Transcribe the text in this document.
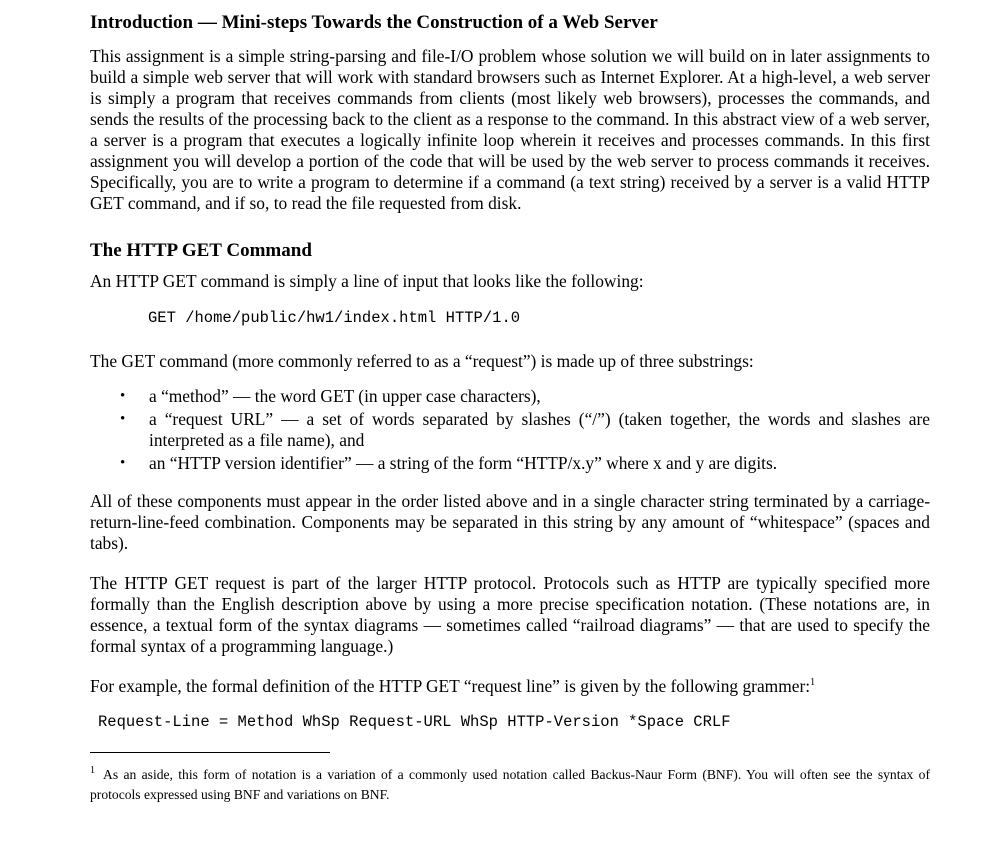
Introduction — Mini-steps Towards the Construction of a Web Server

This assignment is a simple string-parsing and file-I/O problem whose solution we will build on in later assignments to build a simple web server that will work with standard browsers such as Internet Explorer. At a high-level, a web server is simply a program that receives commands from clients (most likely web browsers), processes the commands, and sends the results of the processing back to the client as a response to the command. In this abstract view of a web server, a server is a program that executes a logically infinite loop wherein it receives and processes commands. In this first assignment you will develop a portion of the code that will be used by the web server to process commands it receives. Specifically, you are to write a program to determine if a command (a text string) received by a server is a valid HTTP GET command, and if so, to read the file requested from disk.

The HTTP GET Command

An HTTP GET command is simply a line of input that looks like the following:

GET /home/public/hw1/index.html HTTP/1.0

The GET command (more commonly referred to as a “request”) is made up of three substrings:

• a “method” — the word GET (in upper case characters),
• a “request URL” — a set of words separated by slashes (“/”) (taken together, the words and slashes are interpreted as a file name), and
• an “HTTP version identifier” — a string of the form “HTTP/x.y” where x and y are digits.

All of these components must appear in the order listed above and in a single character string terminated by a carriage-return-line-feed combination. Components may be separated in this string by any amount of “whitespace” (spaces and tabs).

The HTTP GET request is part of the larger HTTP protocol. Protocols such as HTTP are typically specified more formally than the English description above by using a more precise specification notation. (These notations are, in essence, a textual form of the syntax diagrams — sometimes called “railroad diagrams” — that are used to specify the formal syntax of a programming language.)

For example, the formal definition of the HTTP GET “request line” is given by the following grammer:$^1$

Request-Line = Method WhSp Request-URL WhSp HTTP-Version *Space CRLF
$^1$ As an aside, this form of notation is a variation of a commonly used notation called Backus-Naur Form (BNF). You will often see the syntax of protocols expressed using BNF and variations on BNF.
